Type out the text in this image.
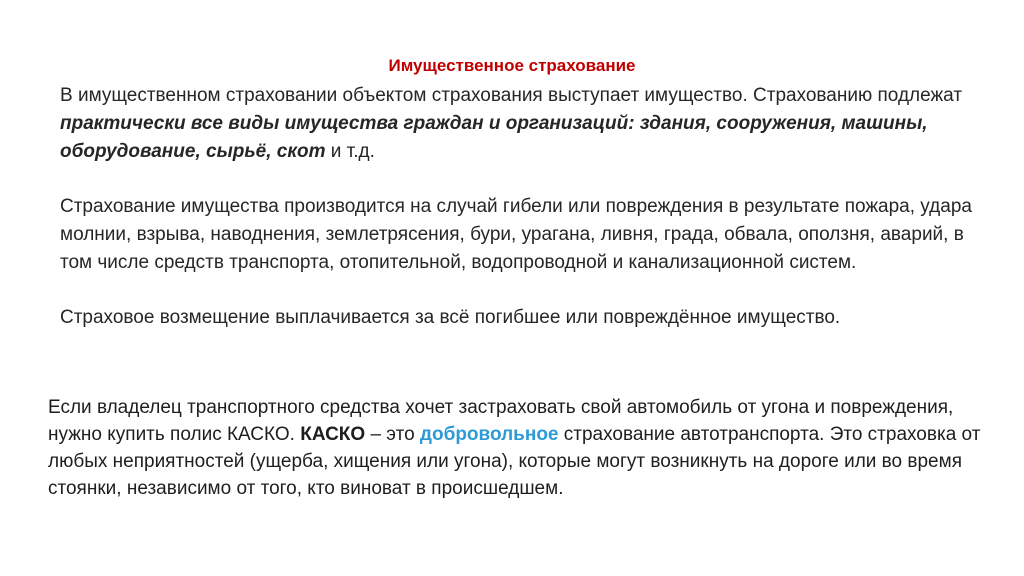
Имущественное страхование

В имущественном страховании объектом страхования выступает имущество. Страхованию подлежат практически все виды имущества граждан и организаций: здания, сооружения, машины, оборудование, сырьё, скот и т.д.

Страхование имущества производится на случай гибели или повреждения в результате пожара, удара молнии, взрыва, наводнения, землетрясения, бури, урагана, ливня, града, обвала, оползня, аварий, в том числе средств транспорта, отопительной, водопроводной и канализационной систем.

Страховое возмещение выплачивается за всё погибшее или повреждённое имущество.

Если владелец транспортного средства хочет застраховать свой автомобиль от угона и повреждения, нужно купить полис КАСКО. КАСКО – это добровольное страхование автотранспорта. Это страховка от любых неприятностей (ущерба, хищения или угона), которые могут возникнуть на дороге или во время стоянки, независимо от того, кто виноват в происшедшем.
